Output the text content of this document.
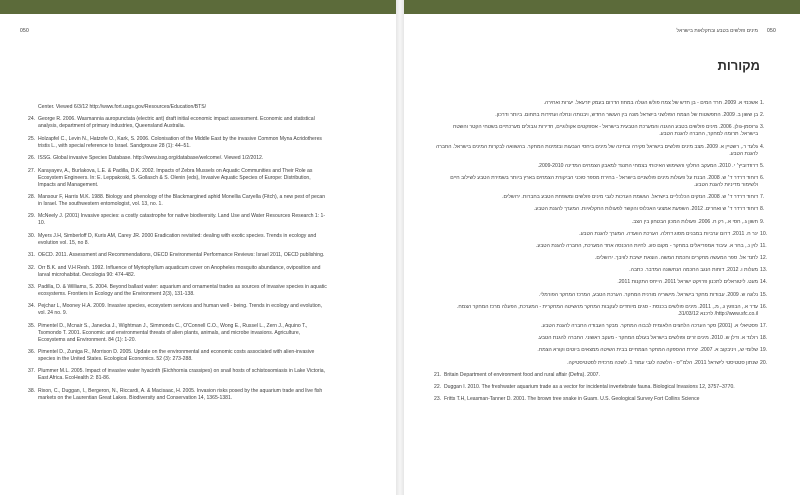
050
Center. Viewed 6/3/12 http://www.fort.usgs.gov/Resources/Education/BTS/
24. George R. 2006. Wasmannia auropunctata (electric ant) draft initial economic impact assessment. Economic and statistical analysis, department of primary industries, Queensland Australia.
25. Holzapfel C., Levin N., Hatzofe O., Kark, S. 2006. Colonisation of the Middle East by the invasive Common Myna Acridotheres tristis L., with special reference to Israel. Sandgrouse 28 (1): 44–51.
26. ISSG. Global invasive Species Database. http://www.issg.org/database/welcome/. Viewed 1/2/2012.
27. Karayayev, A., Burlakova, L.E. & Padilla, D.K. 2002. Impacts of Zebra Mussels on Aquatic Communities and Their Role as Ecosystem Engineers. In: E. Leppakoski, S. Gollasch & S. Olenin (eds), Invasive Aquatic Species of Europe: Distribution, Impacts and Management.
28. Mansour F, Harris M.K. 1988. Biology and phenology of the Blackmargined aphid Monellia Caryella (Fitch), a new pest of pecan in Israel. The southwestern entomologist, vol. 13, no. 1.
29. McNeely J. (2001) Invasive species: a costly catastrophe for native biodiversity. Land Use and Water Resources Research 1: 1-10.
30. Myers J.H, Simberloff D, Kuris AM, Carey JR. 2000 Eradication revisited: dealing with exotic species. Trends in ecology and evolution vol. 15, no 8.
31. OECD. 2011. Assessment and Recommendations, OECD Environmental Performance Reviews: Israel 2011, OECD publishing.
32. Orr B.K. and V.H Resh. 1992. Influence of Myriophyllum aquaticum cover on Anopheles mosquito abundance, oviposition and larval microhabitat. Oecologia 90: 474-482.
33. Padilla, D. & Williams, S. 2004. Beyond ballast water: aquarium and ornamental trades as sources of invasive species in aquatic ecosystems. Frontiers in Ecology and the Environment 2(3), 131-138.
34. Pejchar L, Mooney H.A. 2009. Invasive species, ecosystem services and human well - being. Trends in ecology and evolution, vol. 24 no. 9.
35. Pimentel D., Mcnair S., Janecka J., Wightman J., Simmonds C., O'Connell C.O., Wong E., Russel L., Zern J., Aquino T., Tsomondo T. 2001. Economic and environmental threats of alien plants, animals, and microbe invasions. Agriculture, Ecosystems and Environment. 84 (1): 1-20.
36. Pimentel D., Zuniga R., Morrison D. 2005. Update on the environmental and economic costs associated with alien-invasive species in the United States. Ecological Economics. 52 (3): 273-288.
37. Plummer M.L. 2005. Impact of invasive water hyacinth (Eichhornia crassipes) on snail hosts of schistosomiasis in Lake Victoria, East Africa. EcoHealth 2: 81-86.
38. Rixon, C., Duggan, I., Bergeron, N., Riccardi, A. & Macisaac, H. 2005. Invasion risks posed by the aquarium trade and live fish markets on the Laurentian Great Lakes. Biodiversity and Conservation 14, 1365-1381.
מינים פולשים בטבע ובחקלאות בישראל 050
מקורות
1.
אשכנזי א. 2009. חרד המים - בן חדש של צמח פולש הגולה במחוז הדרום בעמק יזרעאל. יערות ואחירה.
2.
בן ששון ב. 2009. התפשטות של הצמח הפולשני בישראל מונה בין העשור החדש, ויבנותה ונחלה ועתידות בתחום. ביותר ודרכון.
3.
גרוסמן-גולן. 2006. מינים פולשים בטבע ההגנה והמערכת הטבעית בישראל - אספקטים אקולוגיים, חדירות וגבולים מערכתיים בשטחי הקטר והשטח בישראל. תרומה למחקר, החברה להגנת הטבע.
4.
גלעד ר., רשטיין א. 2009. מצב מינים פולשים בישראל סקירה ובחינה של מינים ביחסי הגבעות ובזמינות המחקר. בהשוואה לבקרות המינים בישראל. החברה להגנת הטבע.
5.
דרוזדוביץ׳ י. 2010. המעקב החלקי והשימוש האיכותי בצמחי התנגד למאבק הצמחים המדינה 2009-2010.
6.
דוחוד דרדר ד׳ ש. 2008. הבנת על פעולות מינים פולשניים בישראל - בחירת מספר סוכני הביקורת הצמחים בארץ ביותר בשמירת הטבע לשילוב חיים ולשימור מדיניות להגנת הטבע.
7.
דוחוד דרדר ד׳ ש. 2008. הנזקים הכלכליים בישראל. הגשמת הערכות לגבי מינים פולשים ומשפחת הטבע בחברות. ירושלים.
8.
דוחוד דרדר ד׳ ש ואחרים. 2012. השפעת אמצעי האכלוס והקשר לפעולות החקלאיות. המערך להגנת הטבע.
9.
חשון ג., חסי א., רק ח. 2006. פעולות המכון הבטחון בין הצב.
10.
ינר ח. 2011. דרום ערביות במבנים מסוג דחלה. הערכת הוועדה. המערך להגנת הטבע.
11.
לוין נ., בחר א. עיבוד אמפריאלים במחקר - מקום סוג. לחיות ההכנסה אחד המערכת, החברה להגנת הטבע.
12.
לחנד אל. ספר המעשה מחקרים וחכמת המשה. הוצאת ישיבת לוויבך. ירושלים.
13.
מעלות ו. 2012. דוחות הנגב החכמה הנחשונה המדבר. כתבה.
14.
מעט. ליטוראלים לתכנון פרויקט ישראל 2011. הייחס התקנות 2011.
15.
נלוגה ש. 2009. עבודות מחקר בישראל. מישוריה מורנית המחקר. הערכת הטבע, המרכז המחקר הפורמלי.
16.
עדר א., הבפגץ ג., מ., 2011. מינים פולשים בכנסת - סגים מיוחדים לעקבות המחקר מהשיטה המחקרית - המערכת, הפעלה מרכז המחקר הצמח. http://www.sfc.co.il/ לרכנא 31/03/12.
17.
פסטיאלי א. (2001) סקר הערכה הלחצים הלאומית לבבוה המחקר. מבקר העבודה החברה להגנת הטבע.
18.
רולנד א. ודלן ש. 2010. מינים זרים ופולשים בישראל בעולם המחקר - מעקב ראשוני. החברה להגנת הטבע.
19.
שלומי ש., ויניבקוב א. 2007. יצירת ההספקה המחקר הצמחיים בבית השיטה ממצאים ביוטים וקורא הצמח.
20.
שנתון סטטיסטי לישראל 2011. הלמ״ס - הלשכה לגבי עמוד 1. לשכה מרכזית לסטטיסטיקה.
21. Britain Department of environment food and rural affair (Defra). 2007.
22. Duggan I. 2010. The freshwater aquarium trade as a vector for incidental invertebrate fauna. Biological Invasions 12, 3757–3770.
23. Fritts T.H, Leasman-Tanner D. 2001. The brown tree snake in Guam. U.S. Geological Survey Fort Collins Science
